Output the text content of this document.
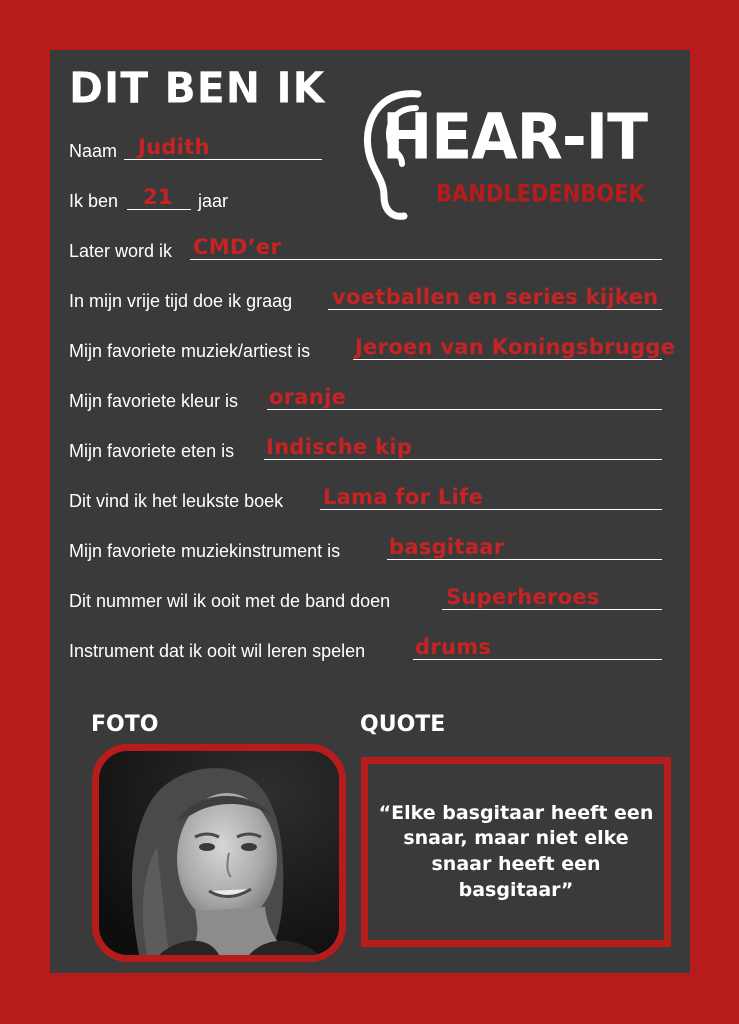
DIT BEN IK
HEAR-IT
BANDLEDENBOEK
Naam Judith
Ik ben 21 jaar
Later word ik CMD’er
In mijn vrije tijd doe ik graag voetballen en series kijken
Mijn favoriete muziek/artiest is Jeroen van Koningsbrugge
Mijn favoriete kleur is oranje
Mijn favoriete eten is Indische kip
Dit vind ik het leukste boek Lama for Life
Mijn favoriete muziekinstrument is basgitaar
Dit nummer wil ik ooit met de band doen	Superheroes
Instrument dat ik ooit wil leren spelen drums
FOTO	QUOTE
“Elke basgitaar heeft een snaar, maar niet elke snaar heeft een basgitaar”
